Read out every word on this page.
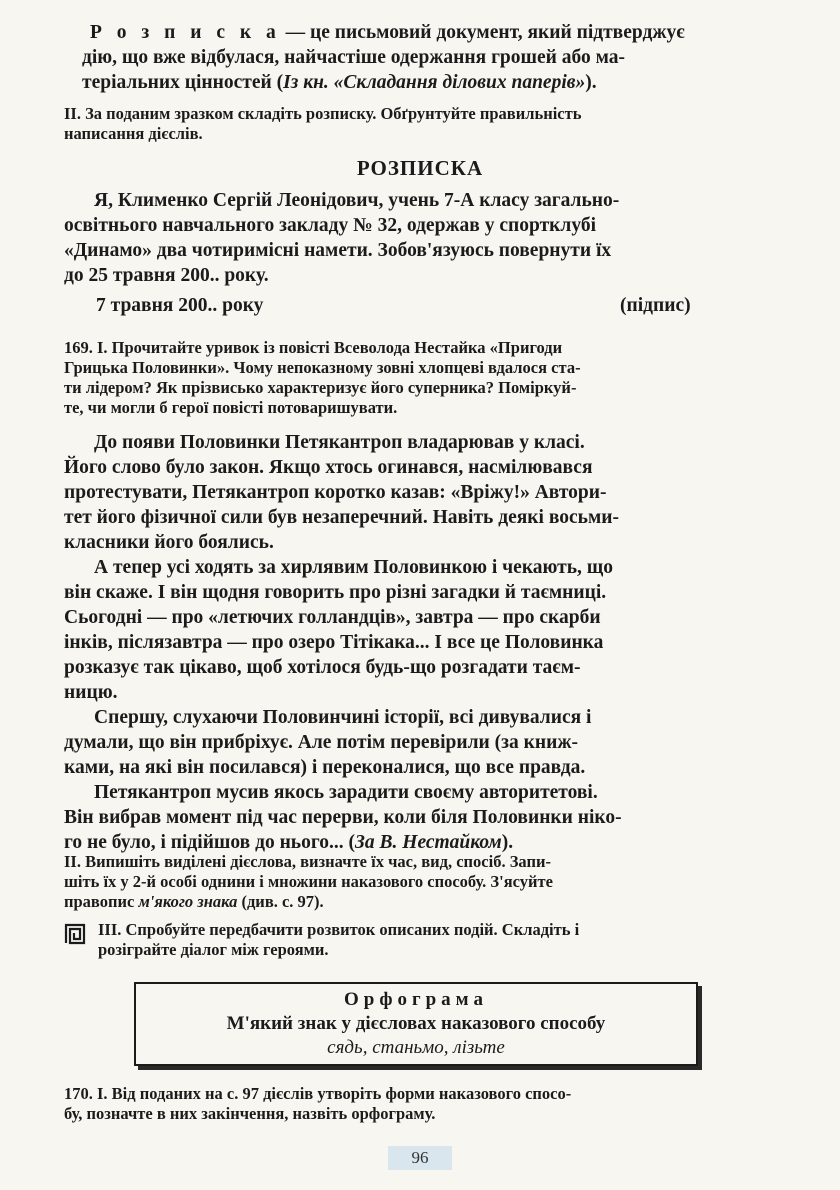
Р о з п и с к а — це письмовий документ, який підтверджує
дію, що вже відбулася, найчастіше одержання грошей або ма-
теріальних цінностей (Із кн. «Складання ділових паперів»).
II. За поданим зразком складіть розписку. Обґрунтуйте правильність
написання дієслів.
РОЗПИСКА
Я, Клименко Сергій Леонідович, учень 7-А класу загально-
освітнього навчального закладу № 32, одержав у спортклубі
«Динамо» два чотиримісні намети. Зобов'язуюсь повернути їх
до 25 травня 200.. року.
7 травня 200.. року	(підпис)
169. І. Прочитайте уривок із повісті Всеволода Нестайка «Пригоди
Грицька Половинки». Чому непоказному зовні хлопцеві вдалося ста-
ти лідером? Як прізвисько характеризує його суперника? Поміркуй-
те, чи могли б герої повісті потоваришувати.
До появи Половинки Петякантроп владарював у класі.
Його слово було закон. Якщо хтось огинався, насмілювався
протестувати, Петякантроп коротко казав: «Вріжу!» Автори-
тет його фізичної сили був незаперечний. Навіть деякі восьми-
класники його боялись.
А тепер усі ходять за хирлявим Половинкою і чекають, що
він скаже. І він щодня говорить про різні загадки й таємниці.
Сьогодні — про «летючих голландців», завтра — про скарби
інків, післязавтра — про озеро Тітікака... І все це Половинка
розказує так цікаво, щоб хотілося будь-що розгадати таєм-
ницю.
Спершу, слухаючи Половинчині історії, всі дивувалися і
думали, що він прибріхує. Але потім перевірили (за книж-
ками, на які він посилався) і переконалися, що все правда.
Петякантроп мусив якось зарадити своєму авторитетові.
Він вибрав момент під час перерви, коли біля Половинки ніко-
го не було, і підійшов до нього... (За В. Нестайком).
II. Випишіть виділені дієслова, визначте їх час, вид, спосіб. Запи-
шіть їх у 2-й особі однини і множини наказового способу. З'ясуйте
правопис м'якого знака (див. с. 97).
III. Спробуйте передбачити розвиток описаних подій. Складіть і
розіграйте діалог між героями.
Орфограма
М'який знак у дієсловах наказового способу
сядь, станьмо, лізьте
170. І. Від поданих на с. 97 дієслів утворіть форми наказового спосо-
бу, позначте в них закінчення, назвіть орфограму.
96
